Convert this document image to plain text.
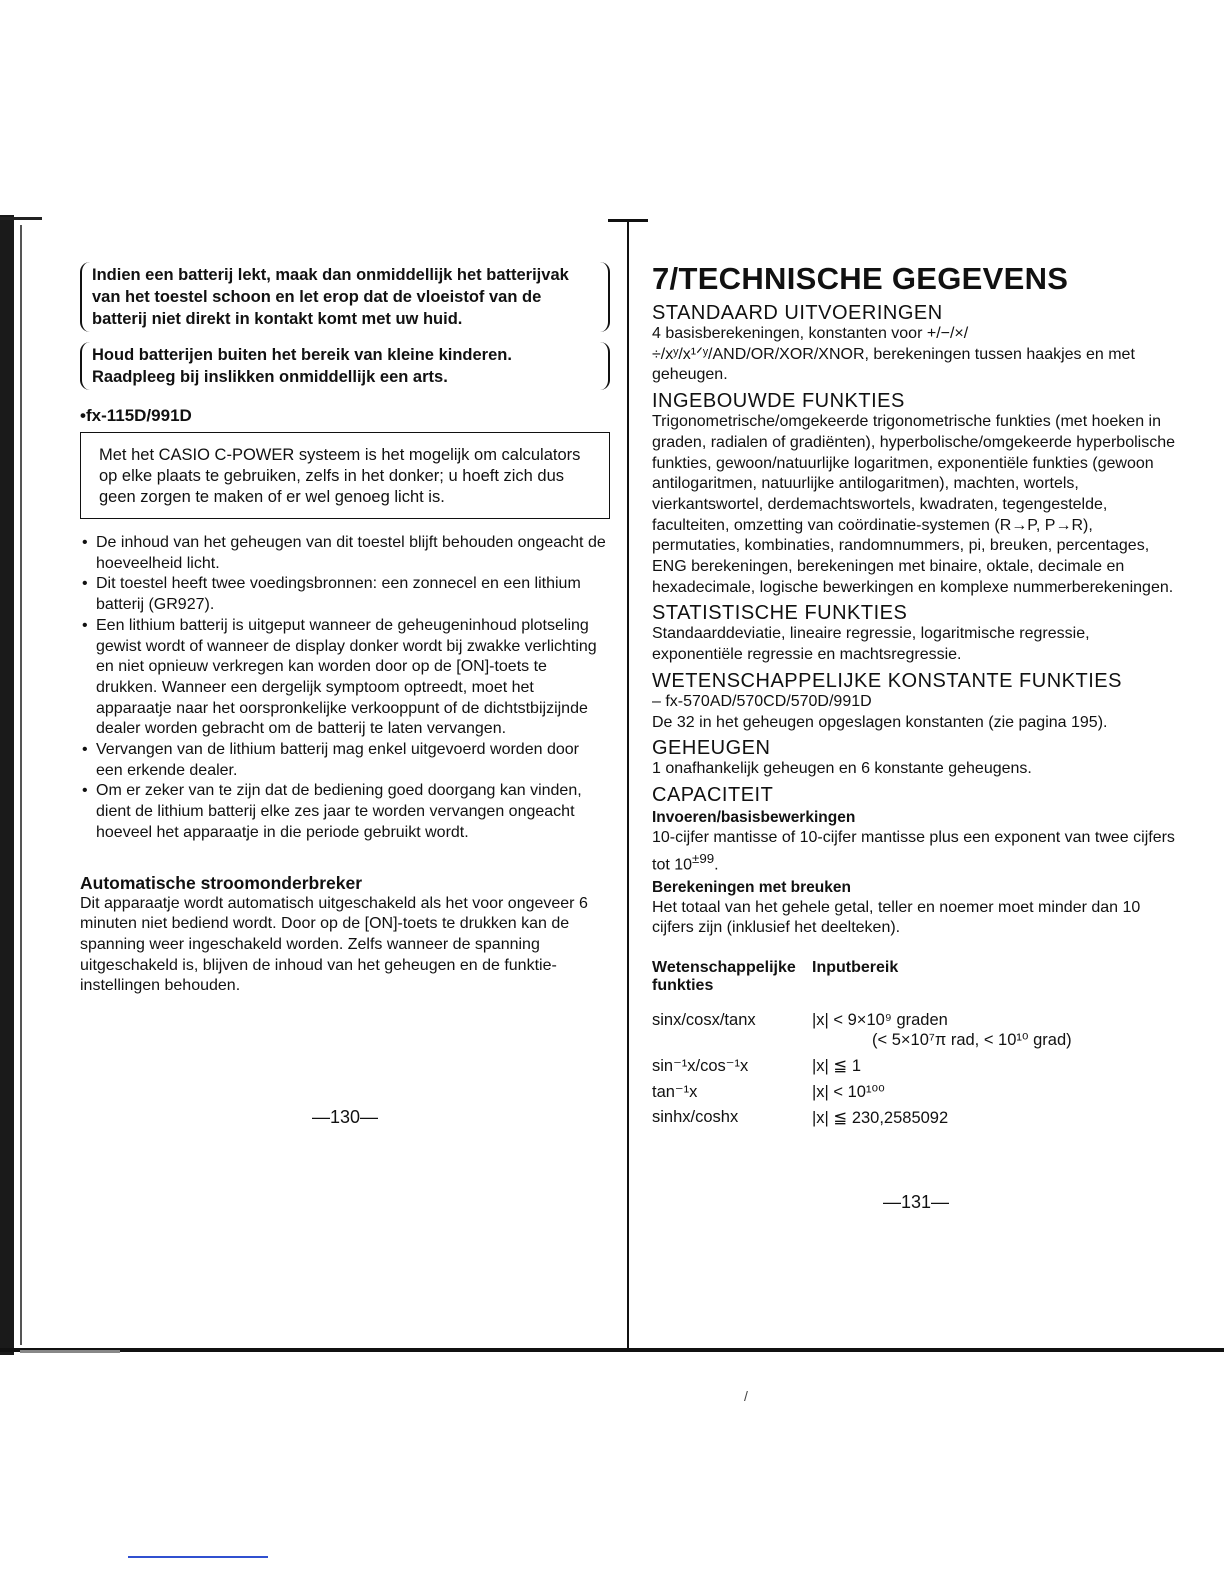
/
Indien een batterij lekt, maak dan onmiddellijk het batterijvak van het toestel schoon en let erop dat de vloeistof van de batterij niet direkt in kontakt komt met uw huid.
Houd batterijen buiten het bereik van kleine kinderen. Raadpleeg bij inslikken onmiddellijk een arts.
•fx-115D/991D
Met het CASIO C-POWER systeem is het mogelijk om calculators op elke plaats te gebruiken, zelfs in het donker; u hoeft zich dus geen zorgen te maken of er wel genoeg licht is.
• De inhoud van het geheugen van dit toestel blijft behouden ongeacht de hoeveelheid licht.
• Dit toestel heeft twee voedingsbronnen: een zonnecel en een lithium batterij (GR927).
• Een lithium batterij is uitgeput wanneer de geheugeninhoud plotseling gewist wordt of wanneer de display donker wordt bij zwakke verlichting en niet opnieuw verkregen kan worden door op de [ON]-toets te drukken. Wanneer een dergelijk symptoom optreedt, moet het apparaatje naar het oorspronkelijke verkooppunt of de dichtstbijzijnde dealer worden gebracht om de batterij te laten vervangen.
• Vervangen van de lithium batterij mag enkel uitgevoerd worden door een erkende dealer.
• Om er zeker van te zijn dat de bediening goed doorgang kan vinden, dient de lithium batterij elke zes jaar te worden vervangen ongeacht hoeveel het apparaatje in die periode gebruikt wordt.
Automatische stroomonderbreker
Dit apparaatje wordt automatisch uitgeschakeld als het voor ongeveer 6 minuten niet bediend wordt. Door op de [ON]-toets te drukken kan de spanning weer ingeschakeld worden. Zelfs wanneer de spanning uitgeschakeld is, blijven de inhoud van het geheugen en de funktie-instellingen behouden.
—130—
7/TECHNISCHE GEGEVENS
STANDAARD UITVOERINGEN
4 basisberekeningen, konstanten voor +/−/×/÷/xʸ/x¹ᐟʸ/AND/OR/XOR/XNOR, berekeningen tussen haakjes en met geheugen.
INGEBOUWDE FUNKTIES
Trigonometrische/omgekeerde trigonometrische funkties (met hoeken in graden, radialen of gradiënten), hyperbolische/omgekeerde hyperbolische funkties, gewoon/natuurlijke logaritmen, exponentiële funkties (gewoon antilogaritmen, natuurlijke antilogaritmen), machten, wortels, vierkantswortel, derdemachtswortels, kwadraten, tegengestelde, faculteiten, omzetting van coördinatie-systemen (R→P, P→R), permutaties, kombinaties, randomnummers, pi, breuken, percentages, ENG berekeningen, berekeningen met binaire, oktale, decimale en hexadecimale, logische bewerkingen en komplexe nummerberekeningen.
STATISTISCHE FUNKTIES
Standaarddeviatie, lineaire regressie, logaritmische regressie, exponentiële regressie en machtsregressie.
WETENSCHAPPELIJKE KONSTANTE FUNKTIES
– fx-570AD/570CD/570D/991D
De 32 in het geheugen opgeslagen konstanten (zie pagina 195).
GEHEUGEN
1 onafhankelijk geheugen en 6 konstante geheugens.
CAPACITEIT
Invoeren/basisbewerkingen
10-cijfer mantisse of 10-cijfer mantisse plus een exponent van twee cijfers tot $10^{\pm 99}$.
Berekeningen met breuken
Het totaal van het gehele getal, teller en noemer moet minder dan 10 cijfers zijn (inklusief het deelteken).
Wetenschappelijke funkties	Inputbereik
sinx/cosx/tanx	|x| < 9×10⁹ graden
(< 5×10⁷π rad, < 10¹⁰ grad)

sin⁻¹x/cos⁻¹x	|x| ≦ 1
tan⁻¹x	|x| < 10¹⁰⁰
sinhx/coshx	|x| ≦ 230,2585092
—131—
